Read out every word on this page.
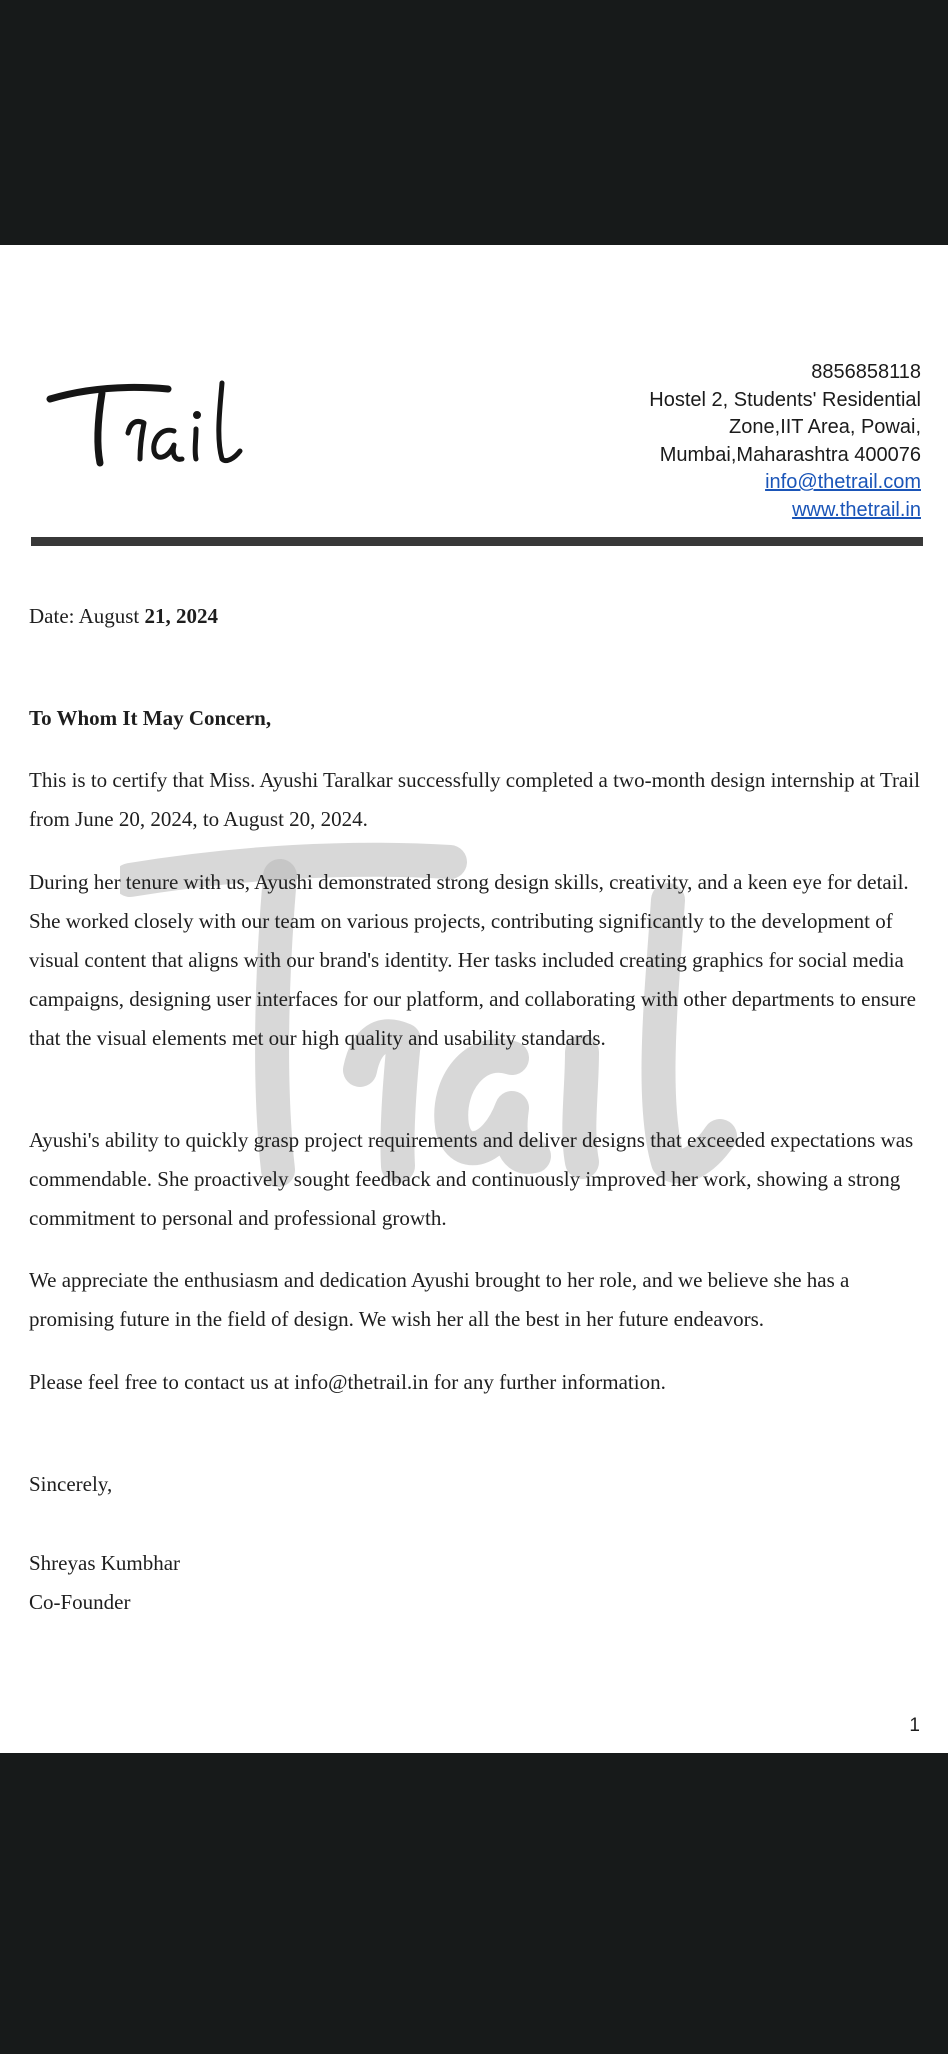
8856858118
Hostel 2, Students' Residential
Zone,IIT Area, Powai,
Mumbai,Maharashtra 400076
info@thetrail.com
www.thetrail.in
Date: August 21, 2024
To Whom It May Concern,

This is to certify that Miss. Ayushi Taralkar successfully completed a two-month design internship at Trail from June 20, 2024, to August 20, 2024.

During her tenure with us, Ayushi demonstrated strong design skills, creativity, and a keen eye for detail. She worked closely with our team on various projects, contributing significantly to the development of visual content that aligns with our brand's identity. Her tasks included creating graphics for social media campaigns, designing user interfaces for our platform, and collaborating with other departments to ensure that the visual elements met our high quality and usability standards.

Ayushi's ability to quickly grasp project requirements and deliver designs that exceeded expectations was commendable. She proactively sought feedback and continuously improved her work, showing a strong commitment to personal and professional growth.

We appreciate the enthusiasm and dedication Ayushi brought to her role, and we believe she has a promising future in the field of design. We wish her all the best in her future endeavors.

Please feel free to contact us at info@thetrail.in for any further information.

Sincerely,
Shreyas Kumbhar
Co-Founder
1
